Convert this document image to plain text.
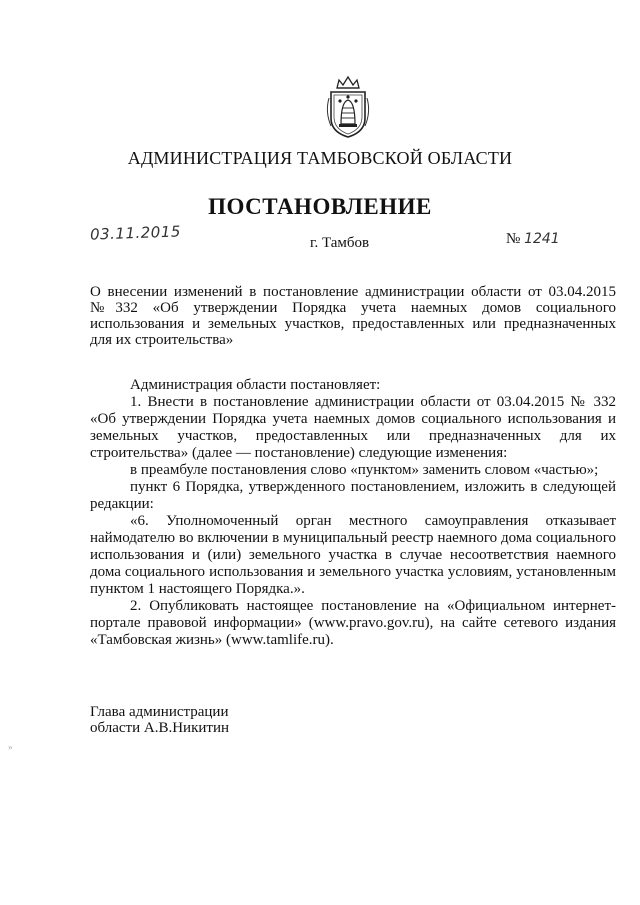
АДМИНИСТРАЦИЯ ТАМБОВСКОЙ ОБЛАСТИ
ПОСТАНОВЛЕНИЕ
03.11.2015	г. Тамбов	№ 1241
О внесении изменений в постановление администрации области от 03.04.2015 №332 «Об утверждении Порядка учета наемных домов социального использования и земельных участков, предоставленных или предназначенных для их строительства»

Администрация области постановляет:

1. Внести в постановление администрации области от 03.04.2015 № 332 «Об утверждении Порядка учета наемных домов социального использования и земельных участков, предоставленных или предназначенных для их строительства» (далее — постановление) следующие изменения:

в преамбуле постановления слово «пунктом» заменить словом «частью»;

пункт 6 Порядка, утвержденного постановлением, изложить в следующей редакции:

«6. Уполномоченный орган местного самоуправления отказывает наймодателю во включении в муниципальный реестр наемного дома социального использования и (или) земельного участка в случае несоответствия наемного дома социального использования и земельного участка условиям, установленным пунктом 1 настоящего Порядка.».

2. Опубликовать настоящее постановление на «Официальном интернет-портале правовой информации» (www.pravo.gov.ru), на сайте сетевого издания «Тамбовская жизнь» (www.tamlife.ru).

Глава администрации
области А.В.Никитин
»
